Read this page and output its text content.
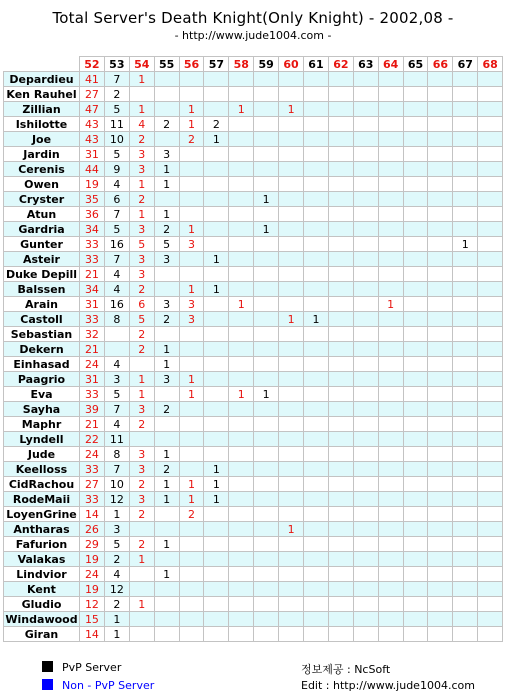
Total Server's Death Knight(Only Knight) - 2002,08 -
- http://www.jude1004.com -
	52	53	54	55	56	57	58	59	60	61	62	63	64	65	66	67	68
Depardieu	41	7	1														
Ken Rauhel	27	2															
Zillian	47	5	1		1		1		1								
Ishilotte	43	11	4	2	1	2											
Joe	43	10	2		2	1											
Jardin	31	5	3	3													
Cerenis	44	9	3	1													
Owen	19	4	1	1													
Cryster	35	6	2					1									
Atun	36	7	1	1													
Gardria	34	5	3	2	1			1									
Gunter	33	16	5	5	3											1	
Asteir	33	7	3	3		1											
Duke Depill	21	4	3														
Balssen	34	4	2		1	1											
Arain	31	16	6	3	3		1						1				
Castoll	33	8	5	2	3				1	1							
Sebastian	32		2														
Dekern	21		2	1													
Einhasad	24	4		1													
Paagrio	31	3	1	3	1												
Eva	33	5	1		1		1	1									
Sayha	39	7	3	2													
Maphr	21	4	2														
Lyndell	22	11															
Jude	24	8	3	1													
Keelloss	33	7	3	2		1											
CidRachou	27	10	2	1	1	1											
RodeMaii	33	12	3	1	1	1											
LoyenGrine	14	1	2		2												
Antharas	26	3							1								
Fafurion	29	5	2	1													
Valakas	19	2	1														
Lindvior	24	4		1													
Kent	19	12															
Gludio	12	2	1														
Windawood	15	1															
Giran	14	1															
PvP Server
Non - PvP Server
정보제공 : NcSoft
Edit : http://www.jude1004.com
